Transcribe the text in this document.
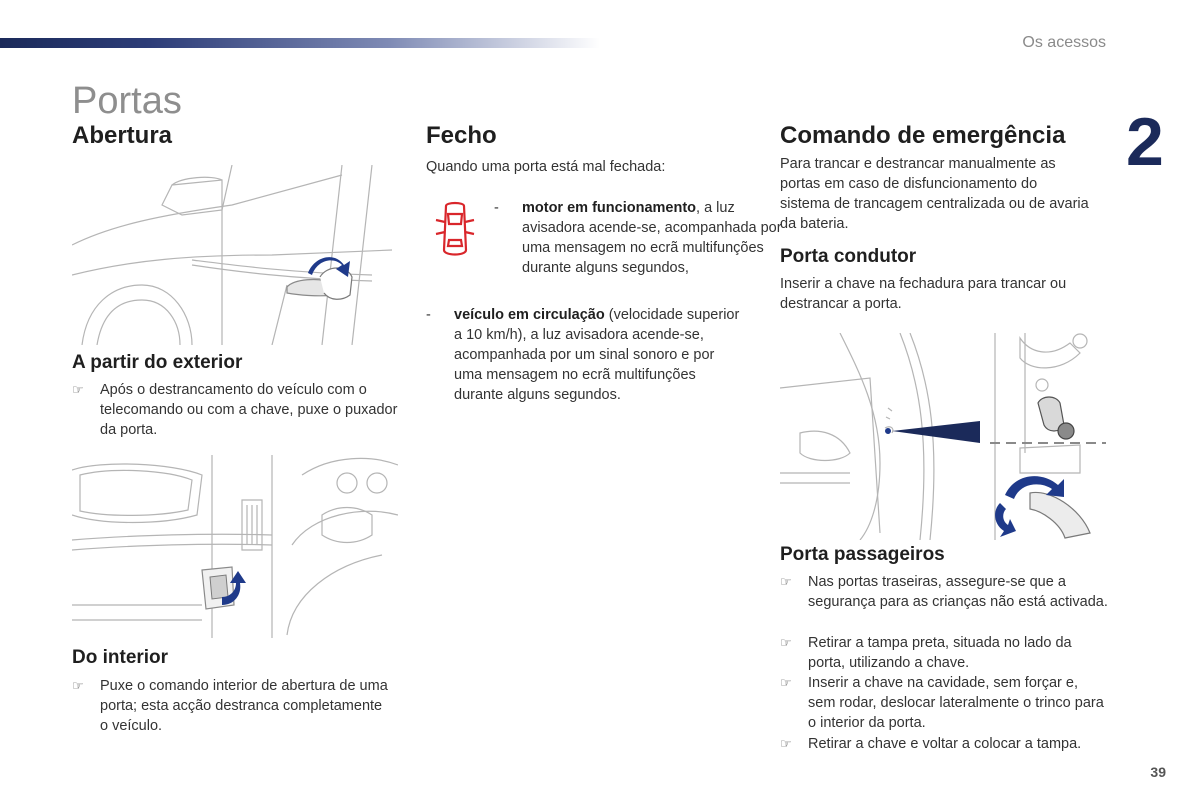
Os acessos
2
Portas
Abertura
A partir do exterior
☞ Após o destrancamento do veículo com o telecomando ou com a chave, puxe o puxador da porta.
Do interior
☞ Puxe o comando interior de abertura de uma porta; esta acção destranca completamente o veículo.
Fecho
Quando uma porta está mal fechada:
- motor em funcionamento, a luz avisadora acende-se, acompanhada por uma mensagem no ecrã multifunções durante alguns segundos,
- veículo em circulação (velocidade superior a 10 km/h), a luz avisadora acende-se, acompanhada por um sinal sonoro e por uma mensagem no ecrã multifunções durante alguns segundos.
Comando de emergência
Para trancar e destrancar manualmente as portas em caso de disfuncionamento do sistema de trancagem centralizada ou de avaria da bateria.
Porta condutor
Inserir a chave na fechadura para trancar ou destrancar a porta.
Porta passageiros
☞ Nas portas traseiras, assegure-se que a segurança para as crianças não está activada.
☞ Retirar a tampa preta, situada no lado da porta, utilizando a chave.
☞ Inserir a chave na cavidade, sem forçar e, sem rodar, deslocar lateralmente o trinco para o interior da porta.
☞ Retirar a chave e voltar a colocar a tampa.
39
